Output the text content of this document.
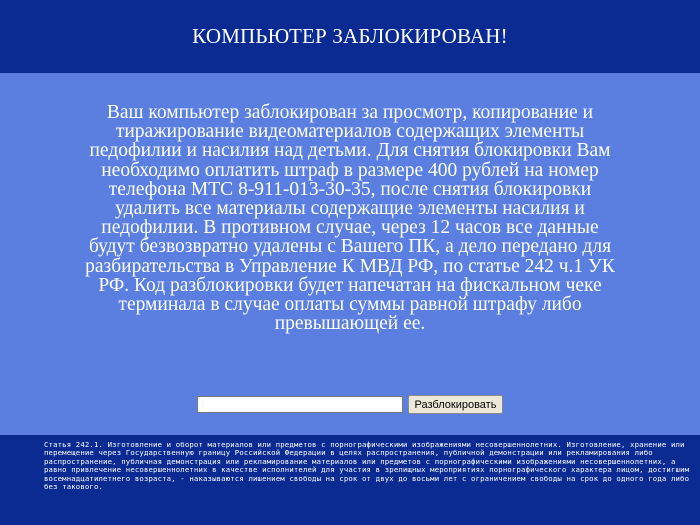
КОМПЬЮТЕР ЗАБЛОКИРОВАН!
Ваш компьютер заблокирован за просмотр, копирование и тиражирование видеоматериалов содержащих элементы педофилии и насилия над детьми. Для снятия блокировки Вам необходимо оплатить штраф в размере 400 рублей на номер телефона МТС 8-911-013-30-35, после снятия блокировки удалить все материалы содержащие элементы насилия и педофилии. В противном случае, через 12 часов все данные будут безвозвратно удалены с Вашего ПК, а дело передано для разбирательства в Управление К МВД РФ, по статье 242 ч.1 УК РФ. Код разблокировки будет напечатан на фискальном чеке терминала в случае оплаты суммы равной штрафу либо превышающей ее.
Разблокировать

Статья 242.1. Изготовление и оборот материалов или предметов с порнографическими изображениями несовершеннолетних. Изготовление, хранение или перемещение через Государственную границу Российской Федерации в целях распространения, публичной демонстрации или рекламирования либо распространение, публичная демонстрация или рекламирование материалов или предметов с порнографическими изображениями несовершеннолетних, а равно привлечение несовершеннолетних в качестве исполнителей для участия в зрелищных мероприятиях порнографического характера лицом, достигшим восемнадцатилетнего возраста, - наказываются лишением свободы на срок от двух до восьми лет с ограничением свободы на срок до одного года либо без такового.
